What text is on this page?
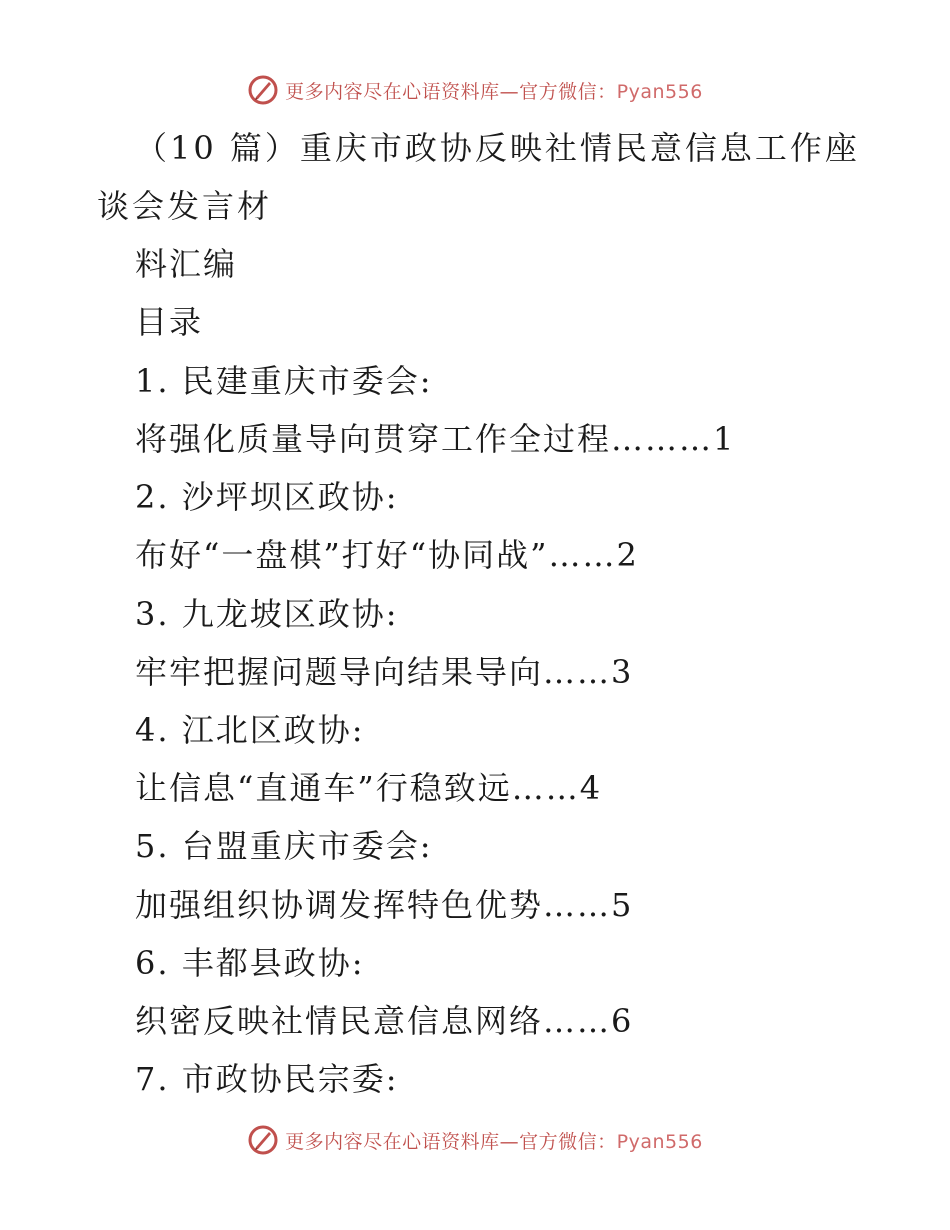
更多内容尽在心语资料库—官方微信：Pyan556
（10 篇）重庆市政协反映社情民意信息工作座
谈会发言材
料汇编
目录
1. 民建重庆市委会:
将强化质量导向贯穿工作全过程………1
2. 沙坪坝区政协:
布好“一盘棋”打好“协同战”……2
3. 九龙坡区政协:
牢牢把握问题导向结果导向……3
4. 江北区政协:
让信息“直通车”行稳致远……4
5. 台盟重庆市委会:
加强组织协调发挥特色优势……5
6. 丰都县政协:
织密反映社情民意信息网络……6
7. 市政协民宗委:
更多内容尽在心语资料库—官方微信：Pyan556
